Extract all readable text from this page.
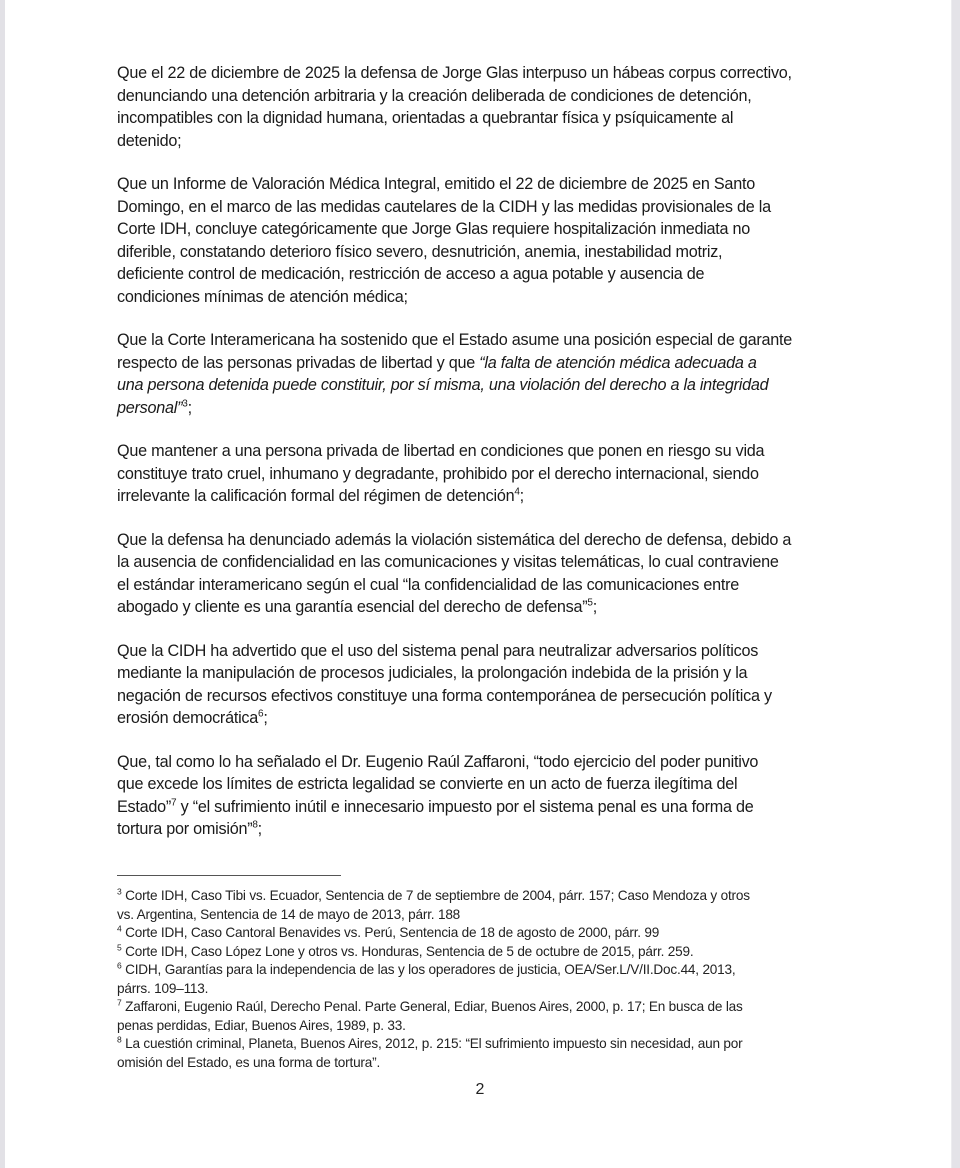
Que el 22 de diciembre de 2025 la defensa de Jorge Glas interpuso un hábeas corpus correctivo,
denunciando una detención arbitraria y la creación deliberada de condiciones de detención,
incompatibles con la dignidad humana, orientadas a quebrantar física y psíquicamente al
detenido;

Que un Informe de Valoración Médica Integral, emitido el 22 de diciembre de 2025 en Santo
Domingo, en el marco de las medidas cautelares de la CIDH y las medidas provisionales de la
Corte IDH, concluye categóricamente que Jorge Glas requiere hospitalización inmediata no
diferible, constatando deterioro físico severo, desnutrición, anemia, inestabilidad motriz,
deficiente control de medicación, restricción de acceso a agua potable y ausencia de
condiciones mínimas de atención médica;

Que la Corte Interamericana ha sostenido que el Estado asume una posición especial de garante
respecto de las personas privadas de libertad y que “la falta de atención médica adecuada a
una persona detenida puede constituir, por sí misma, una violación del derecho a la integridad
personal”$^3$;

Que mantener a una persona privada de libertad en condiciones que ponen en riesgo su vida
constituye trato cruel, inhumano y degradante, prohibido por el derecho internacional, siendo
irrelevante la calificación formal del régimen de detención$^4$;

Que la defensa ha denunciado además la violación sistemática del derecho de defensa, debido a
la ausencia de confidencialidad en las comunicaciones y visitas telemáticas, lo cual contraviene
el estándar interamericano según el cual “la confidencialidad de las comunicaciones entre
abogado y cliente es una garantía esencial del derecho de defensa”$^5$;

Que la CIDH ha advertido que el uso del sistema penal para neutralizar adversarios políticos
mediante la manipulación de procesos judiciales, la prolongación indebida de la prisión y la
negación de recursos efectivos constituye una forma contemporánea de persecución política y
erosión democrática$^6$;

Que, tal como lo ha señalado el Dr. Eugenio Raúl Zaffaroni, “todo ejercicio del poder punitivo
que excede los límites de estricta legalidad se convierte en un acto de fuerza ilegítima del
Estado”$^7$ y “el sufrimiento inútil e innecesario impuesto por el sistema penal es una forma de
tortura por omisión”$^8$;

$^3$ Corte IDH, Caso Tibi vs. Ecuador, Sentencia de 7 de septiembre de 2004, párr. 157; Caso Mendoza y otros
vs. Argentina, Sentencia de 14 de mayo de 2013, párr. 188
$^4$ Corte IDH, Caso Cantoral Benavides vs. Perú, Sentencia de 18 de agosto de 2000, párr. 99
$^5$ Corte IDH, Caso López Lone y otros vs. Honduras, Sentencia de 5 de octubre de 2015, párr. 259.
$^6$ CIDH, Garantías para la independencia de las y los operadores de justicia, OEA/Ser.L/V/II.Doc.44, 2013,
párrs. 109–113.
$^7$ Zaffaroni, Eugenio Raúl, Derecho Penal. Parte General, Ediar, Buenos Aires, 2000, p. 17; En busca de las
penas perdidas, Ediar, Buenos Aires, 1989, p. 33.
$^8$ La cuestión criminal, Planeta, Buenos Aires, 2012, p. 215: “El sufrimiento impuesto sin necesidad, aun por
omisión del Estado, es una forma de tortura”.
2
